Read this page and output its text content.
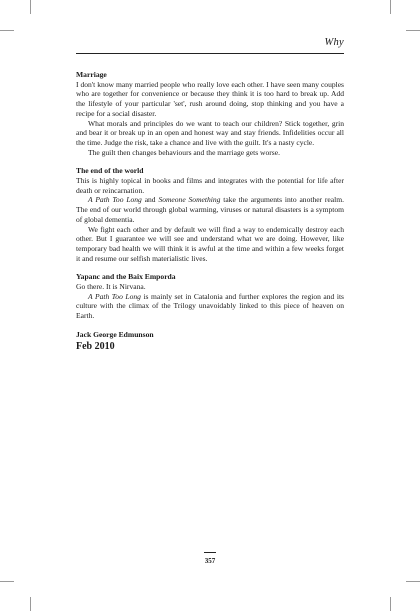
Why
Marriage

I don't know many married people who really love each other. I have seen many couples who are together for convenience or because they think it is too hard to break up. Add the lifestyle of your particular 'set', rush around doing, stop thinking and you have a recipe for a social disaster.

What morals and principles do we want to teach our children? Stick together, grin and bear it or break up in an open and honest way and stay friends. Infidelities occur all the time. Judge the risk, take a chance and live with the guilt. It's a nasty cycle.

The guilt then changes behaviours and the marriage gets worse.

The end of the world

This is highly topical in books and films and integrates with the potential for life after death or reincarnation.

A Path Too Long and Someone Something take the arguments into another realm. The end of our world through global warming, viruses or natural disasters is a symptom of global dementia.

We fight each other and by default we will find a way to endemically destroy each other. But I guarantee we will see and understand what we are doing. However, like temporary bad health we will think it is awful at the time and within a few weeks forget it and resume our selfish materialistic lives.

Yapanc and the Baix Emporda

Go there. It is Nirvana.

A Path Too Long is mainly set in Catalonia and further explores the region and its culture with the climax of the Trilogy unavoidably linked to this piece of heaven on Earth.

Jack George Edmunson
Feb 2010
357
